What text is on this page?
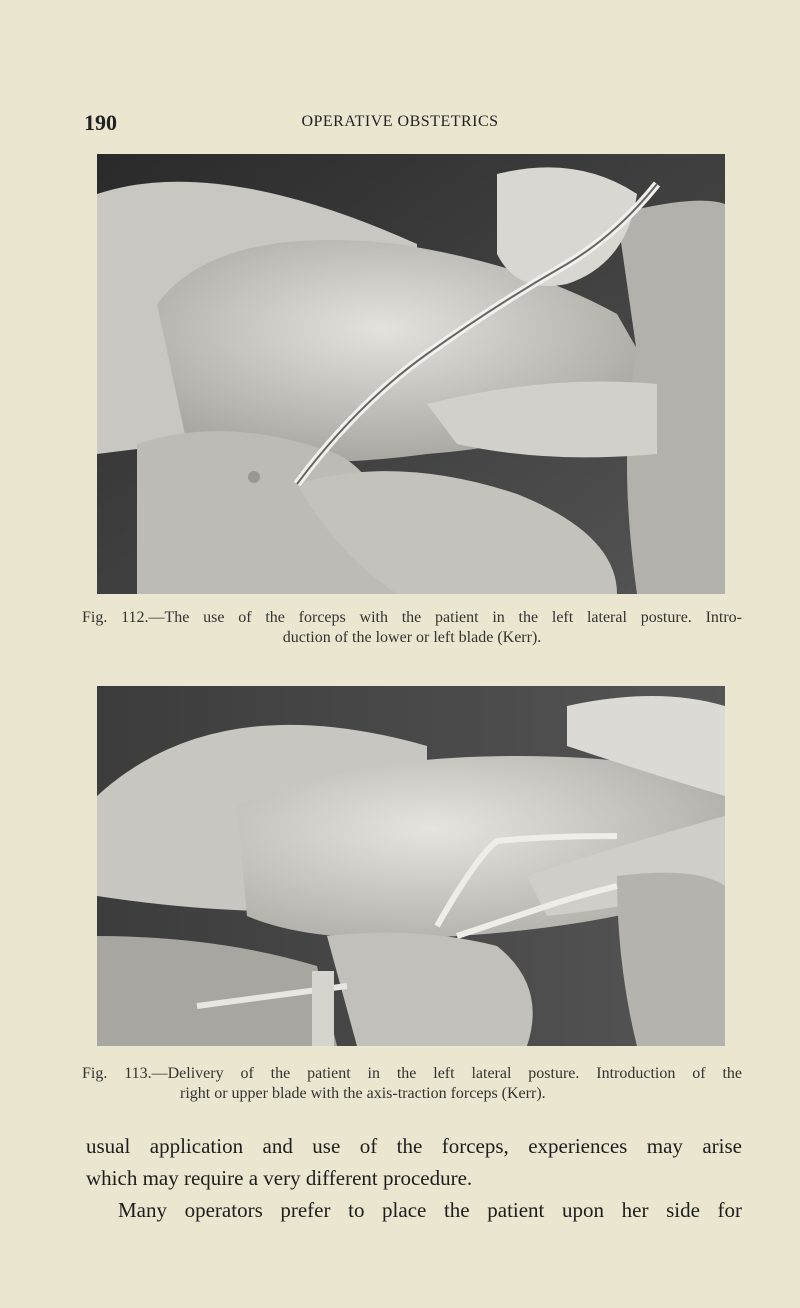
190	OPERATIVE OBSTETRICS
Fig. 112.—The use of the forceps with the patient in the left lateral posture. Intro-
duction of the lower or left blade (Kerr).
Fig. 113.—Delivery of the patient in the left lateral posture. Introduction of the
right or upper blade with the axis-traction forceps (Kerr).
usual application and use of the forceps, experiences may arise
which may require a very different procedure.
Many operators prefer to place the patient upon her side for
